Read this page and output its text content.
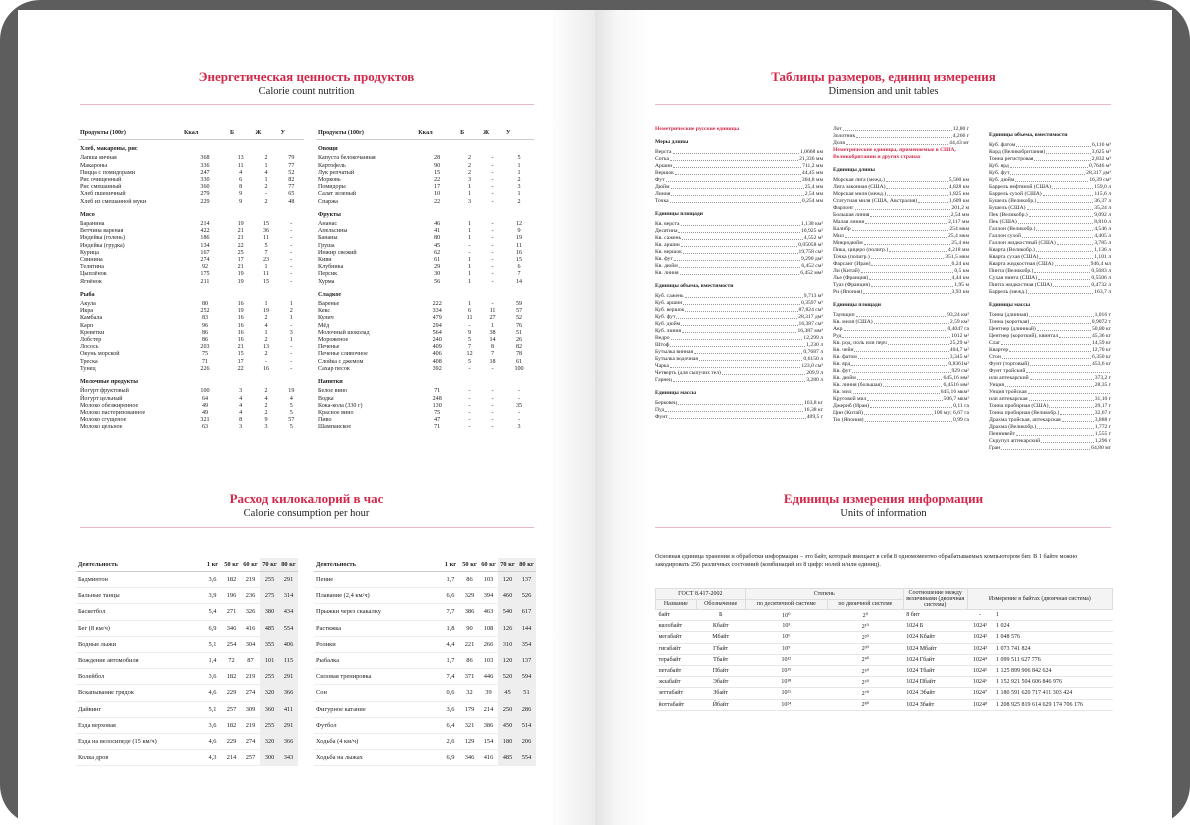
Энергетическая ценность продуктов
Calorie count nutrition
Продукты (100г)	Ккал	Б	Ж	У
Хлеб, макароны, рис				
Лапша яичная	368	13	2	79
Макароны	336	11	1	77
Пицца с помидорами	247	4	4	52
Рис очищенный	330	6	1	82
Рис смешанный	360	8	2	77
Хлеб пшеничный	279	9	-	65
Хлеб из смешанной муки	229	9	2	48
Мясо				
Баранина	214	19	15	-
Ветчина вареная	422	21	36	-
Индейка (голень)	186	21	11	-
Индейка (грудка)	134	22	5	-
Курица	167	25	7	-
Свинина	274	17	23	-
Телятина	92	21	1	-
Цыплёнок	175	19	11	-
Ягнёнок	211	19	15	-
Рыба				
Акула	80	16	1	1
Икра	252	19	19	2
Камбала	83	16	2	1
Карп	96	16	4	-
Креветки	86	16	1	3
Лобстер	86	16	2	1
Лосось	203	21	13	-
Окунь морской	75	15	2	-
Треска	71	17	-	-
Тунец	226	22	16	-
Молочные продукты				
Йогурт фруктовый	100	3	2	19
Йогурт цельный	64	4	4	4
Молоко обезжиренное	49	4	2	5
Молоко пастеризованное	49	4	2	5
Молоко сгущеное	321	8	9	57
Молоко цельное	63	3	3	5
Продукты (100г)	Ккал	Б	Ж	У
Овощи				
Капуста белокочанная	28	2	-	5
Картофель	90	2	-	1
Лук репчатый	15	2	-	1
Морковь	22	3	-	2
Помидоры	17	1	-	3
Салат зеленый	10	1	-	1
Спаржа	22	3	-	2
Фрукты				
Ананас	46	1	-	12
Апельсины	41	1	-	9
Бананы	80	1	-	19
Груша	45	-	-	11
Инжир свежий	62	-	-	16
Киви	61	1	-	15
Клубника	29	1	-	6
Персик	30	1	-	7
Хурма	56	1	-	14
Сладкое				
Варенье	222	1	-	59
Кекс	334	6	11	57
Кулич	479	11	27	52
Мёд	294	-	1	76
Молочный шоколад	564	9	38	51
Мороженое	240	5	14	26
Печенье	409	7	8	82
Печенье сливочное	406	12	7	78
Слойка с джемом	408	5	18	61
Сахар песок	392	-	-	100
Напитки				
Белое вино	71	-	-	-
Водка	248	-	-	-
Кока-кола (330 г)	130	-	-	35
Красное вино	75	-	-	-
Пиво	47	-	-	-
Шампанское	71	-	-	3
Расход килокалорий в час
Calorie consumption per hour
Деятельность	1 кг	50 кг	60 кг	70 кг	80 кг
Бадминтон	3,6	182	219	255	291
Бальные танцы	3,9	196	236	275	314
Баскетбол	5,4	271	326	380	434
Бег (8 км/ч)	6,9	346	416	485	554
Водные лыжи	5,1	254	304	355	406
Вождение автомобиля	1,4	72	87	101	115
Волейбол	3,6	182	219	255	291
Вскапывание грядок	4,6	229	274	320	366
Дайвинг	5,1	257	309	360	411
Езда верховая	3,6	182	219	255	291
Езда на велосипеде (15 км/ч)	4,6	229	274	320	366
Колка дров	4,3	214	257	300	343
Деятельность	1 кг	50 кг	60 кг	70 кг	80 кг
Пение	1,7	86	103	120	137
Плавание (2,4 км/ч)	6,6	329	394	460	526
Прыжки через скакалку	7,7	386	463	540	617
Растяжка	1,8	90	108	126	144
Ролики	4,4	221	266	310	354
Рыбалка	1,7	86	103	120	137
Силовая тренировка	7,4	371	446	520	594
Сон	0,6	32	39	45	51
Фигурное катание	3,6	179	214	250	286
Футбол	6,4	321	386	450	514
Ходьба (4 км/ч)	2,6	129	154	180	206
Ходьба на лыжах	6,9	346	416	485	554
Таблицы размеров, единиц измерения
Dimension and unit tables
Неметрические русские единицы
Меры длины
Верста	1,0668 км
Сотка	21,336 мм
Аршин	711,2 мм
Вершок	44,45 мм
Фут	304,8 мм
Дюйм	25,4 мм
Линия	2,54 мм
Точка	0,254 мм
Единицы площади
Кв. верста	1,138 км²
Десятина	10,925 м²
Кв. сажень	4,552 м²
Кв. аршин	0,05058 м²
Кв. вершок	19,758 см²
Кв. фут	9,290 дм²
Кв. дюйм	6,452 см²
Кв. линия	6,452 мм²
Единицы объема, вместимости
Куб. сажень	9,713 м³
Куб. аршин	0,3597 м³
Куб. вершок	87,824 см³
Куб. фут	28,317 дм³
Куб. дюйм	16,387 см³
Куб. линия	16,387 мм³
Ведро	12,299 л
Штоф	1,230 л
Бутылка винная	0,7687 л
Бутылка водочная	0,6150 л
Чарка	123,0 см³
Четверть (для сыпучих тел)	209,9 л
Гарнец	3,280 л
Единицы массы
Берковец	163,8 кг
Пуд	16,38 кг
Фунт	409,5 г
Лот	12,80 г
Золотник	4,266 г
Доля	44,43 мг
Неметрические единицы, применяемые в США, Великобритании и других странах
Единицы длины
Морская лига (межд.)	5,560 км
Лига законная (США)	4,828 км
Морская миля (межд.)	1,825 км
Статутная миля (США, Австралия)	1,609 км
Фарлонг	201,2 м
Большая линия	2,54 мм
Малая линия	2,117 мм
Калибр	254 мкм
Мил	25,4 мкм
Микродюйм	25,4 нм
Пика, цицеро (полигр.)	4,218 мм
Точка (полигр.)	351,5 мкм
Фарсанг (Иран)	6,24 км
Ли (Китай)	0,5 км
Лье (Франция)	4,44 км
Туаз (Франция)	1,95 м
Ри (Япония)	3,93 км
Единицы площади
Таунщип	93,24 км²
Кв. миля (США)	2,59 км²
Акр	0,4047 га
Руд	1012 м²
Кв. род, поль или перч	25,29 м²
Кв. чейн	404,7 м²
Кв. фатом	3,345 м²
Кв. ярд	0,8361м²
Кв. фут	929 см²
Кв. дюйм	645,16 мм²
Кв. линия (большая)	6,4516 мм²
Кв. мил	645,16 мкм²
Круговой мил	506,7 мкм²
Джериб (Иран)	0,11 га
Цин (Китай)	100 му; 6,67 га
Тю (Япония)	0,99 га
Единицы объема, вместимости
Куб. фатом	6,116 м³
Корд (Великобритания)	3,625 м³
Тонна регистровая	2,832 м³
Куб. ярд	0,7646 м³
Куб. фут	28,317 дм³
Куб. дюйм	16,39 см³
Баррель нефтяной (США)	159,0 л
Баррель сухой (США)	115,6 л
Бушель (Великобр.)	36,37 л
Бушель (США)	35,24 л
Пек (Великобр.)	9,092 л
Пек (США)	8,810 л
Галлон (Великобр.)	4,546 л
Галлон сухой	4,405 л
Галлон жидкостный (США)	3,785 л
Кварта (Великобр.)	1,136 л
Кварта сухая (США)	1,101 л
Кварта жидкостная (США)	946,4 мл
Пинта (Великобр.)	0,5683 л
Сухая пинта (США)	0,5506 л
Пинта жидкостная (США)	0,4732 л
Баррель (межд.)	163,7 л
Единицы массы
Тонна (длинная)	1,016 т
Тонна (короткая)	0,9072 т
Центнер (длинный)	50,80 кг
Центнер (короткий), квинтал	45,36 кг
Слаг	14,59 кг
Квартер	12,70 кг
Стон	6,350 кг
Фунт (торговый)	453,6 кг
Фунт тройский
или аптекарский	373,2 г
Унция	28,35 г
Унция тройская
или аптекарская	31,10 г
Тонна пробирная (США)	29,17 г
Тонна пробирная (Великобр.)	32,67 г
Драхма тройская, аптекарская	3,888 г
Драхма (Великобр.)	1,772 г
Пеннивейт	1,555 г
Скрупул аптекарский	1,296 г
Гран	64,80 мг
Единицы измерения информации
Units of information
Основная единица хранения и обработки информации – это байт, который вмещает в себя 8 одномоментно обрабатываемых компьютером бит. В 1 байте можно закодировать 256 различных состояний (комбинаций из 8 цифр: нолей и/или единиц).
ГОСТ 8.417-2002		Степень		Соотношение между величинами (двоичная система)	Измерение в байтах (двоичная система)	
Название	Обозначение	по десятичной системе	по двоичной системе			
байт	Б	10⁰	2⁰	8 бит	-	1
килобайт	Кбайт	10³	2¹⁰	1024 Б	1024¹	1 024
мегабайт	Мбайт	10⁶	2²⁰	1024 Кбайт	1024²	1 048 576
гигабайт	Гбайт	10⁹	2³⁰	1024 Мбайт	1024³	1 073 741 824
терабайт	Тбайт	10¹²	2⁴⁰	1024 Гбайт	1024⁴	1 099 511 627 776
петабайт	Пбайт	10¹⁵	2⁵⁰	1024 Тбайт	1024⁵	1 125 899 906 842 624
экзабайт	Эбайт	10¹⁸	2⁶⁰	1024 Пбайт	1024⁶	1 152 921 504 606 846 976
зеттабайт	Збайт	10²¹	2⁷⁰	1024 Эбайт	1024⁷	1 180 591 620 717 411 303 424
йоттабайт	Йбайт	10²⁴	2⁸⁰	1024 Збайт	1024⁸	1 208 925 819 614 629 174 706 176
